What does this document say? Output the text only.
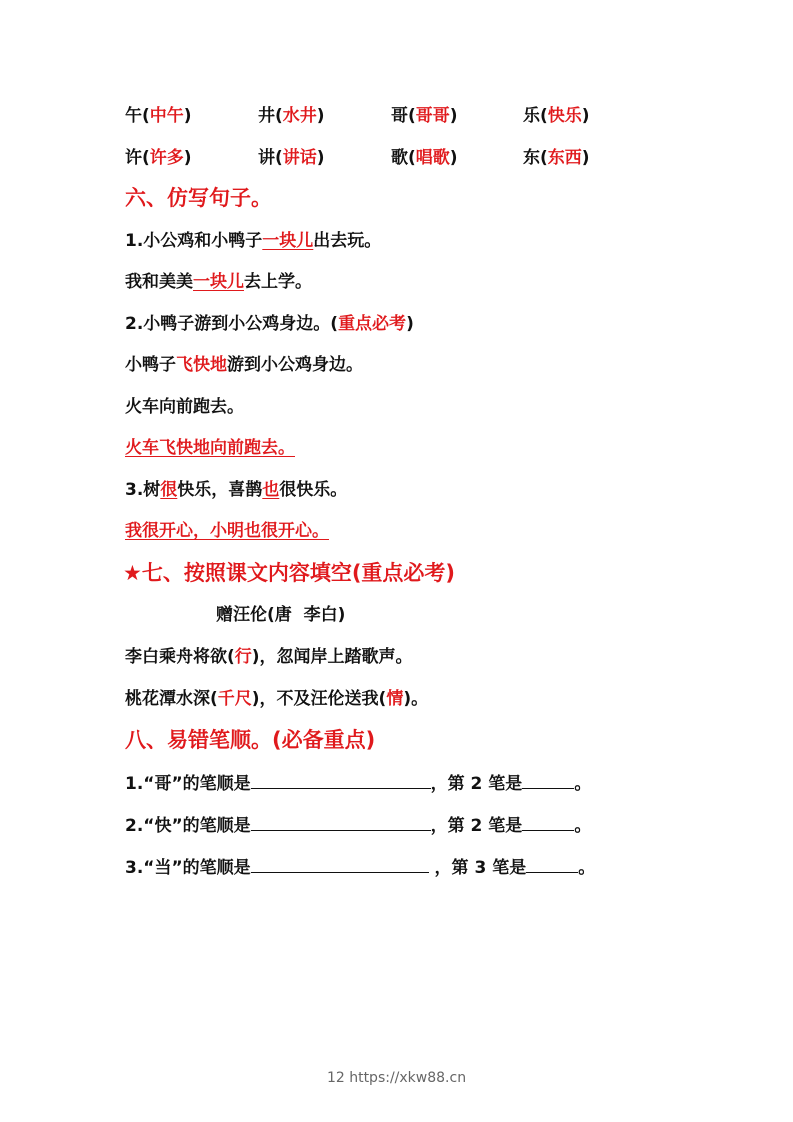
午(中午)	井(水井)	哥(哥哥)	乐(快乐)
许(许多)	讲(讲话)	歌(唱歌)	东(东西)
六、仿写句子。
1.小公鸡和小鸭子一块儿出去玩。
我和美美一块儿去上学。
2.小鸭子游到小公鸡身边。(重点必考)
小鸭子飞快地游到小公鸡身边。
火车向前跑去。
火车飞快地向前跑去。
3.树很快乐，喜鹊也很快乐。
我很开心，小明也很开心。
★七、按照课文内容填空(重点必考)
赠汪伦(唐  李白)
李白乘舟将欲(行)，忽闻岸上踏歌声。
桃花潭水深(千尺)，不及汪伦送我(情)。
八、易错笔顺。(必备重点)
1.“哥”的笔顺是	，第 2 笔是	。
2.“快”的笔顺是	，第 2 笔是	。
3.“当”的笔顺是	，第 3 笔是	。
12 https://xkw88.cn
